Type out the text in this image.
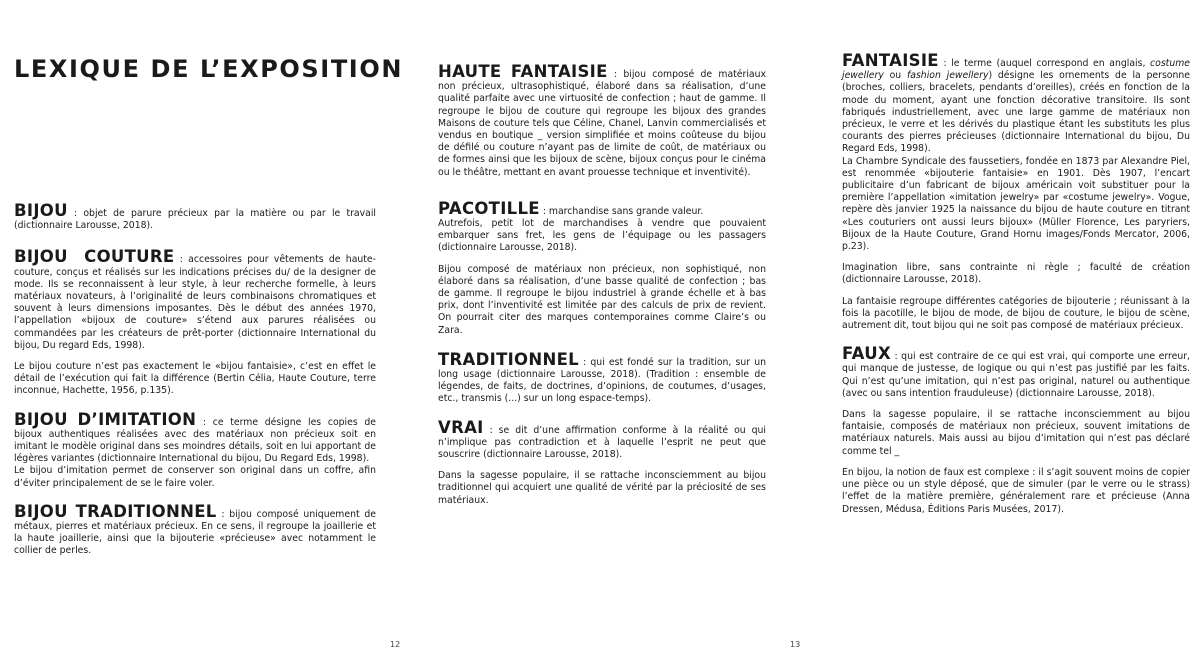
LEXIQUE DE L’EXPOSITION

BIJOU : objet de parure précieux par la matière ou par le travail (dictionnaire Larousse, 2018).

BIJOU COUTURE : accessoires pour vêtements de haute-couture, conçus et réalisés sur les indications précises du/ de la designer de mode. Ils se reconnaissent à leur style, à leur recherche formelle, à leurs matériaux novateurs, à l’originalité de leurs combinaisons chromatiques et souvent à leurs dimensions imposantes. Dès le début des années 1970, l’appellation «bijoux de couture» s’étend aux parures réalisées ou commandées par les créateurs de prêt-porter (dictionnaire International du bijou, Du regard Eds, 1998).

Le bijou couture n’est pas exactement le «bijou fantaisie», c’est en effet le détail de l’exécution qui fait la différence (Bertin Célia, Haute Couture, terre inconnue, Hachette, 1956, p.135).

BIJOU D’IMITATION : ce terme désigne les copies de bijoux authentiques réalisées avec des matériaux non précieux soit en imitant le modèle original dans ses moindres détails, soit en lui apportant de légères variantes (dictionnaire International du bijou, Du Regard Eds, 1998).

Le bijou d’imitation permet de conserver son original dans un coffre, afin d’éviter principalement de se le faire voler.

BIJOU TRADITIONNEL : bijou composé uniquement de métaux, pierres et matériaux précieux. En ce sens, il regroupe la joaillerie et la haute joaillerie, ainsi que la bijouterie «précieuse» avec notamment le collier de perles.

HAUTE FANTAISIE : bijou composé de matériaux non précieux, ultrasophistiqué, élaboré dans sa réalisation, d’une qualité parfaite avec une virtuosité de confection ; haut de gamme. Il regroupe le bijou de couture qui regroupe les bijoux des grandes Maisons de couture tels que Céline, Chanel, Lanvin commercialisés et vendus en boutique _ version simplifiée et moins coûteuse du bijou de défilé ou couture n’ayant pas de limite de coût, de matériaux ou de formes ainsi que les bijoux de scène, bijoux conçus pour le cinéma ou le théâtre, mettant en avant prouesse technique et inventivité).

PACOTILLE : marchandise sans grande valeur.

Autrefois, petit lot de marchandises à vendre que pouvaient embarquer sans fret, les gens de l’équipage ou les passagers (dictionnaire Larousse, 2018).

Bijou composé de matériaux non précieux, non sophistiqué, non élaboré dans sa réalisation, d’une basse qualité de confection ; bas de gamme. Il regroupe le bijou industriel à grande échelle et à bas prix, dont l’inventivité est limitée par des calculs de prix de revient. On pourrait citer des marques contemporaines comme Claire’s ou Zara.

TRADITIONNEL : qui est fondé sur la tradition, sur un long usage (dictionnaire Larousse, 2018). (Tradition : ensemble de légendes, de faits, de doctrines, d’opinions, de coutumes, d’usages, etc., transmis (...) sur un long espace-temps).

VRAI : se dit d’une affirmation conforme à la réalité ou qui n’implique pas contradiction et à laquelle l’esprit ne peut que souscrire (dictionnaire Larousse, 2018).

Dans la sagesse populaire, il se rattache inconsciemment au bijou traditionnel qui acquiert une qualité de vérité par la préciosité de ses matériaux.

FANTAISIE : le terme (auquel correspond en anglais, costume jewellery ou fashion jewellery) désigne les ornements de la personne (broches, colliers, bracelets, pendants d’oreilles), créés en fonction de la mode du moment, ayant une fonction décorative transitoire. Ils sont fabriqués industriellement, avec une large gamme de matériaux non précieux, le verre et les dérivés du plastique étant les substituts les plus courants des pierres précieuses (dictionnaire International du bijou, Du Regard Eds, 1998).

La Chambre Syndicale des faussetiers, fondée en 1873 par Alexandre Piel, est renommée «bijouterie fantaisie» en 1901. Dès 1907, l’encart publicitaire d’un fabricant de bijoux américain voit substituer pour la première l’appellation «imitation jewelry» par «costume jewelry». Vogue, repère dès janvier 1925 la naissance du bijou de haute couture en titrant «Les couturiers ont aussi leurs bijoux» (Müller Florence, Les parуriers, Bijoux de la Haute Couture, Grand Hornu images/Fonds Mercator, 2006, p.23).

Imagination libre, sans contrainte ni règle ; faculté de création (dictionnaire Larousse, 2018).

La fantaisie regroupe différentes catégories de bijouterie ; réunissant à la fois la pacotille, le bijou de mode, de bijou de couture, le bijou de scène, autrement dit, tout bijou qui ne soit pas composé de matériaux précieux.

FAUX : qui est contraire de ce qui est vrai, qui comporte une erreur, qui manque de justesse, de logique ou qui n’est pas justifié par les faits. Qui n’est qu’une imitation, qui n’est pas original, naturel ou authentique (avec ou sans intention frauduleuse) (dictionnaire Larousse, 2018).

Dans la sagesse populaire, il se rattache inconsciemment au bijou fantaisie, composés de matériaux non précieux, souvent imitations de matériaux naturels. Mais aussi au bijou d’imitation qui n’est pas déclaré comme tel _

En bijou, la notion de faux est complexe : il s’agit souvent moins de copier une pièce ou un style déposé, que de simuler (par le verre ou le strass) l’effet de la matière première, généralement rare et précieuse (Anna Dressen, Médusa, Éditions Paris Musées, 2017).

12	13
